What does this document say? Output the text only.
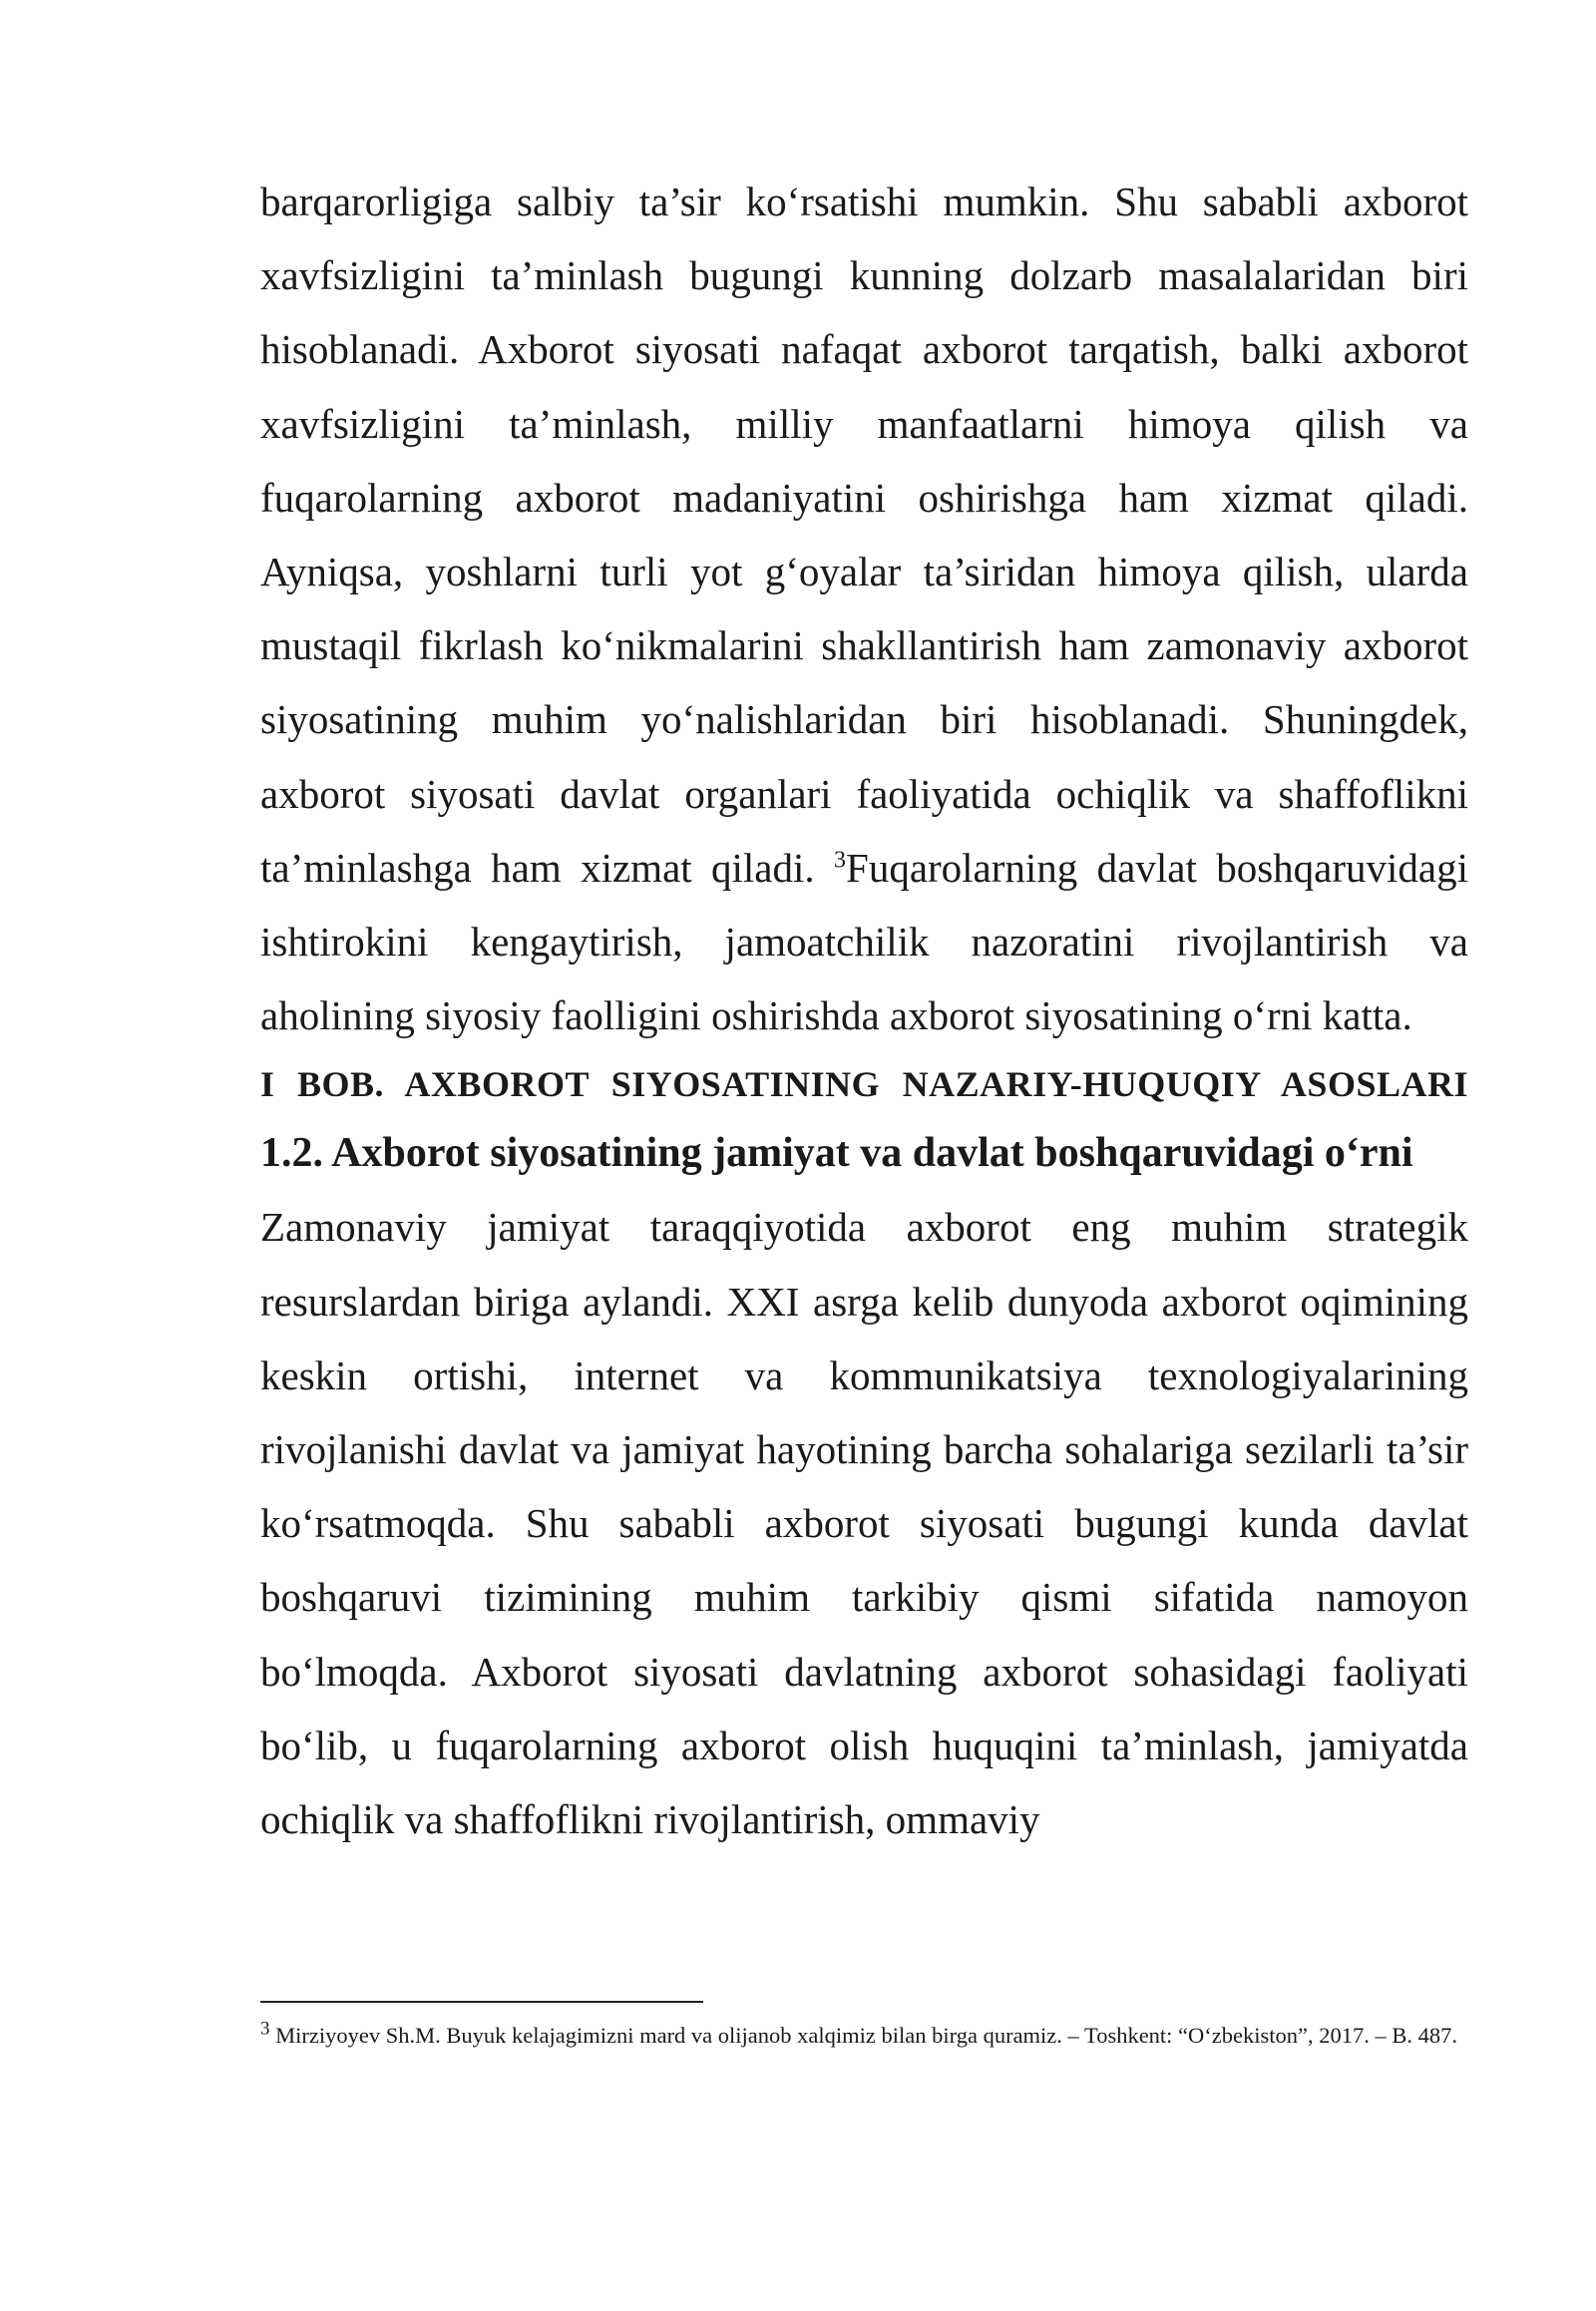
barqarorligiga salbiy ta’sir ko‘rsatishi mumkin. Shu sababli axborot xavfsizligini ta’minlash bugungi kunning dolzarb masalalaridan biri hisoblanadi. Axborot siyosati nafaqat axborot tarqatish, balki axborot xavfsizligini ta’minlash, milliy manfaatlarni himoya qilish va fuqarolarning axborot madaniyatini oshirishga ham xizmat qiladi. Ayniqsa, yoshlarni turli yot g‘oyalar ta’siridan himoya qilish, ularda mustaqil fikrlash ko‘nikmalarini shakllantirish ham zamonaviy axborot siyosatining muhim yo‘nalishlaridan biri hisoblanadi. Shuningdek, axborot siyosati davlat organlari faoliyatida ochiqlik va shaffoflikni ta’minlashga ham xizmat qiladi. $^3$Fuqarolarning davlat boshqaruvidagi ishtirokini kengaytirish, jamoatchilik nazoratini rivojlantirish va aholining siyosiy faolligini oshirishda axborot siyosatining o‘rni katta.

I BOB. AXBOROT SIYOSATINING NAZARIY-HUQUQIY ASOSLARI

1.2. Axborot siyosatining jamiyat va davlat boshqaruvidagi o‘rni

Zamonaviy jamiyat taraqqiyotida axborot eng muhim strategik resurslardan biriga aylandi. XXI asrga kelib dunyoda axborot oqimining keskin ortishi, internet va kommunikatsiya texnologiyalarining rivojlanishi davlat va jamiyat hayotining barcha sohalariga sezilarli ta’sir ko‘rsatmoqda. Shu sababli axborot siyosati bugungi kunda davlat boshqaruvi tizimining muhim tarkibiy qismi sifatida namoyon bo‘lmoqda. Axborot siyosati davlatning axborot sohasidagi faoliyati bo‘lib, u fuqarolarning axborot olish huquqini ta’minlash, jamiyatda ochiqlik va shaffoflikni rivojlantirish, ommaviy

$^3$ Mirziyoyev Sh.M. Buyuk kelajagimizni mard va olijanob xalqimiz bilan birga quramiz. – Toshkent: “O‘zbekiston”, 2017. – B. 487.
